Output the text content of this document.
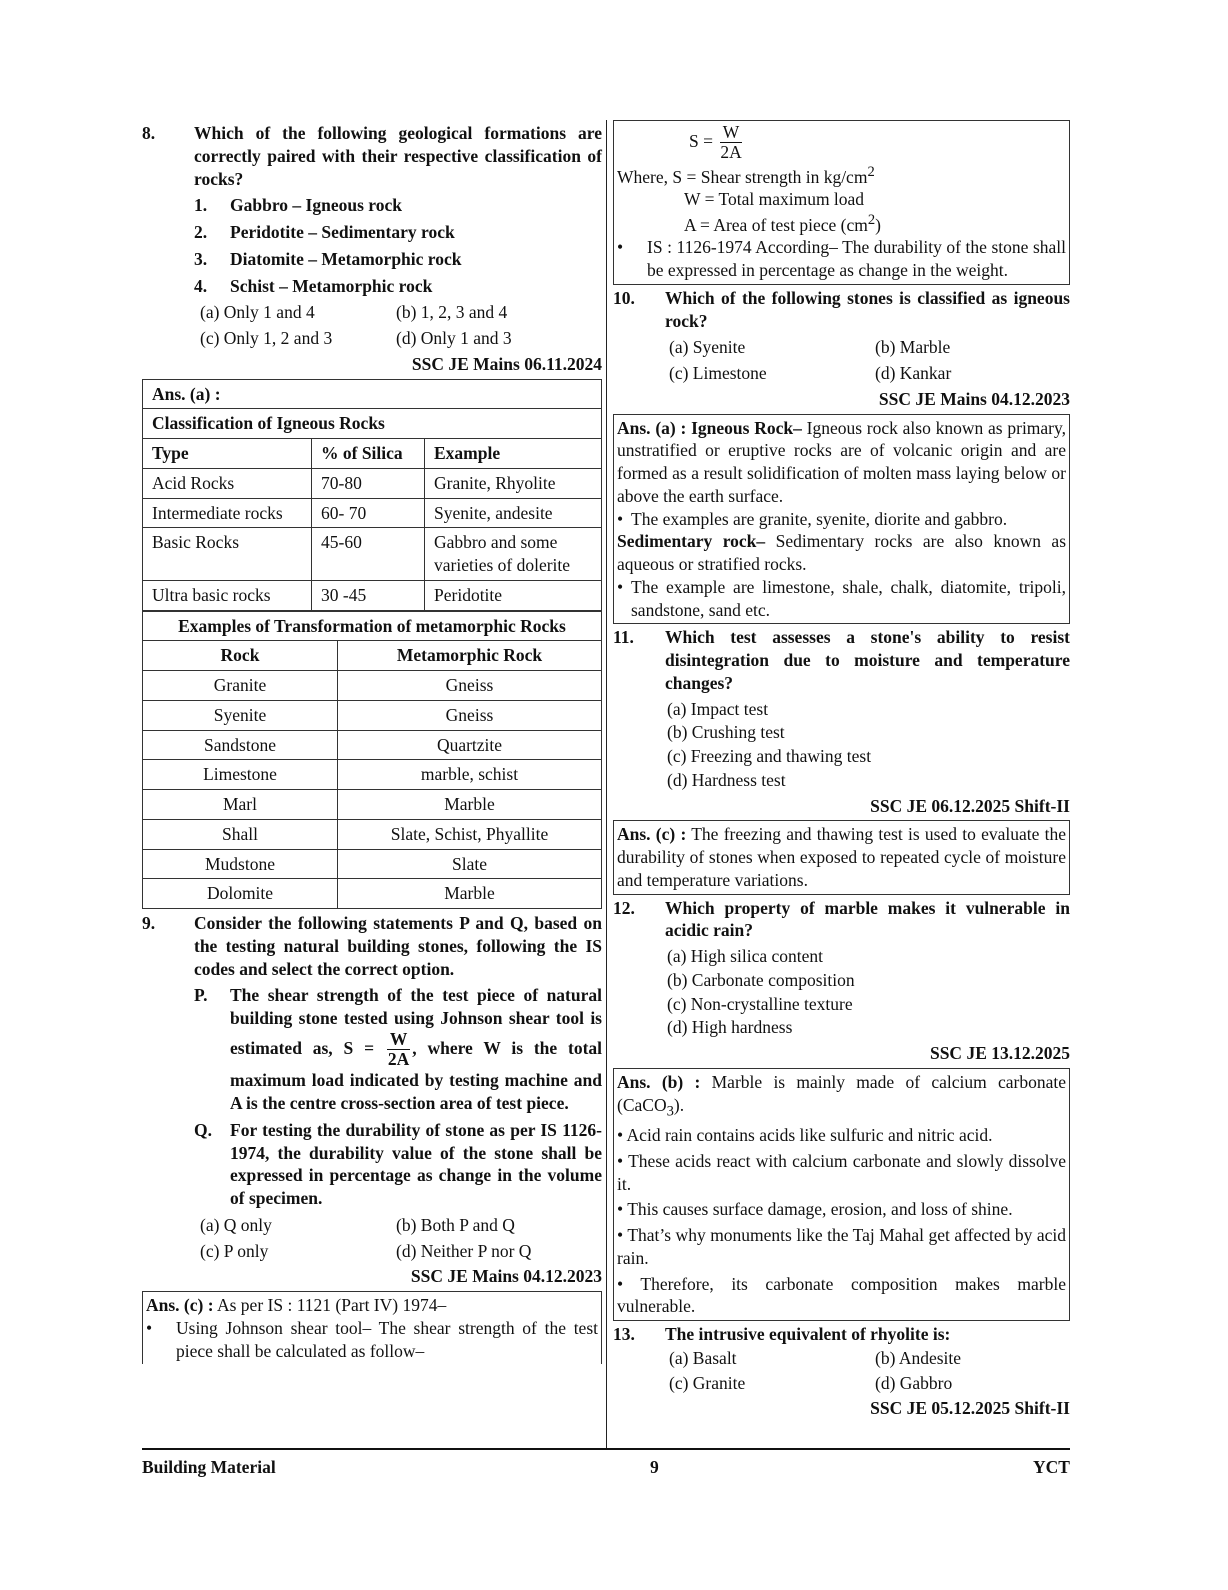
8.	Which of the following geological formations are correctly paired with their respective classification of rocks?
1.	Gabbro – Igneous rock
2.	Peridotite – Sedimentary rock
3.	Diatomite – Metamorphic rock
4.	Schist – Metamorphic rock
(a) Only 1 and 4	(b) 1, 2, 3 and 4
(c) Only 1, 2 and 3	(d) Only 1 and 3
SSC JE Mains 06.11.2024
Ans. (a) :		
Classification of Igneous Rocks		
Type	% of Silica	Example
Acid Rocks	70-80	Granite, Rhyolite
Intermediate rocks	60- 70	Syenite, andesite
Basic Rocks	45-60	Gabbro and some varieties of dolerite
Ultra basic rocks	30 -45	Peridotite
Examples of Transformation of metamorphic Rocks	
Rock	Metamorphic Rock
Granite	Gneiss
Syenite	Gneiss
Sandstone	Quartzite
Limestone	marble, schist
Marl	Marble
Shall	Slate, Schist, Phyallite
Mudstone	Slate
Dolomite	Marble
9.	Consider the following statements P and Q, based on the testing natural building stones, following the IS codes and select the correct option.
P.	The shear strength of the test piece of natural building stone tested using Johnson shear tool is estimated as, $S = \frac{W}{2A}$ , where W is the total maximum load indicated by testing machine and A is the centre cross-section area of test piece.
Q.	For testing the durability of stone as per IS 1126-1974, the durability value of the stone shall be expressed in percentage as change in the volume of specimen.
(a) Q only	(b) Both P and Q
(c) P only	(d) Neither P nor Q
SSC JE Mains 04.12.2023
Ans. (c) : As per IS : 1121 (Part IV) 1974–
•	Using Johnson shear tool– The shear strength of the test piece shall be calculated as follow–
$S = \frac{W}{2A}$
Where, S = Shear strength in $kg/cm^2$
W = Total maximum load
A = Area of test piece $(cm^2)$
•	IS : 1126-1974 According– The durability of the stone shall be expressed in percentage as change in the weight.
10.	Which of the following stones is classified as igneous rock?
(a) Syenite	(b) Marble
(c) Limestone	(d) Kankar
SSC JE Mains 04.12.2023
Ans. (a) : Igneous Rock– Igneous rock also known as primary, unstratified or eruptive rocks are of volcanic origin and are formed as a result solidification of molten mass laying below or above the earth surface.
• The examples are granite, syenite, diorite and gabbro.
Sedimentary rock– Sedimentary rocks are also known as aqueous or stratified rocks.
• The example are limestone, shale, chalk, diatomite, tripoli, sandstone, sand etc.
11.	Which test assesses a stone's ability to resist disintegration due to moisture and temperature changes?
(a) Impact test
(b) Crushing test
(c) Freezing and thawing test
(d) Hardness test
SSC JE 06.12.2025 Shift-II
Ans. (c) : The freezing and thawing test is used to evaluate the durability of stones when exposed to repeated cycle of moisture and temperature variations.
12.	Which property of marble makes it vulnerable in acidic rain?
(a) High silica content
(b) Carbonate composition
(c) Non-crystalline texture
(d) High hardness
SSC JE 13.12.2025
Ans. (b) : Marble is mainly made of calcium carbonate (CaCO$_3$).
• Acid rain contains acids like sulfuric and nitric acid.
• These acids react with calcium carbonate and slowly dissolve it.
• This causes surface damage, erosion, and loss of shine.
• That’s why monuments like the Taj Mahal get affected by acid rain.
• Therefore, its carbonate composition makes marble vulnerable.
13.	The intrusive equivalent of rhyolite is:
(a) Basalt	(b) Andesite
(c) Granite	(d) Gabbro
SSC JE 05.12.2025 Shift-II
Building Material	9	YCT
